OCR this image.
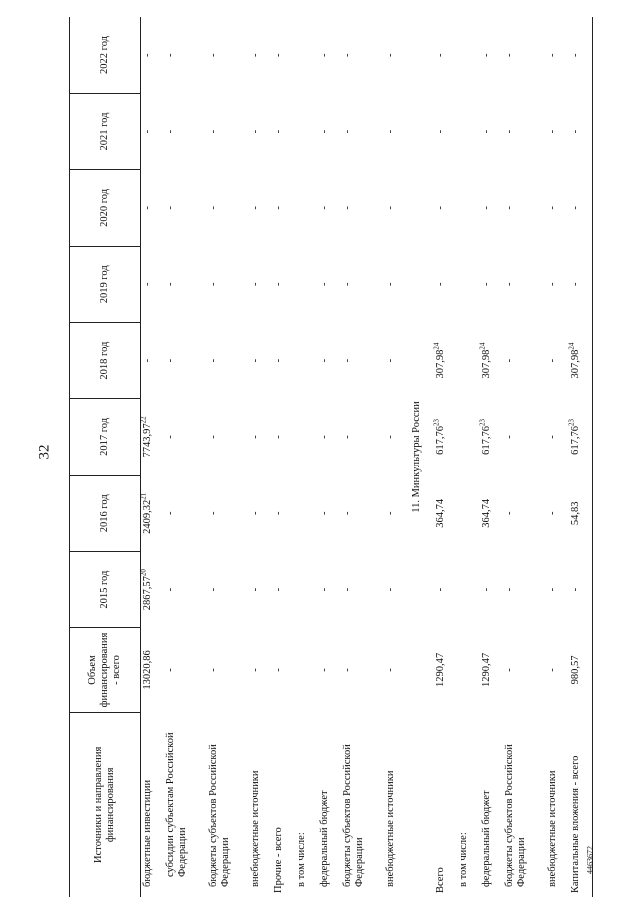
32
Источники и направления финансирования	Объем финансирования - всего	2015 год	2016 год	2017 год	2018 год	2019 год	2020 год	2021 год	2022 год
бюджетные инвестиции	13020,86	2867,57$^{20}$	2409,32$^{21}$	7743,97$^{22}$	-	-	-	-	-
субсидии субъектам Российской Федерации	-	-	-	-	-	-	-	-	-
бюджеты субъектов Российской Федерации	-	-	-	-	-	-	-	-	-
внебюджетные источники	-	-	-	-	-	-	-	-	-
Прочие - всего	-	-	-	-	-	-	-	-	-
в том числе:									
федеральный бюджет	-	-	-	-	-	-	-	-	-
бюджеты субъектов Российской Федерации	-	-	-	-	-	-	-	-	-
внебюджетные источники	-	-	-	-	-	-	-	-	-
11. Минкультуры России									
Всего	1290,47	-	364,74	617,76$^{23}$	307,98$^{24}$	-	-	-	-
в том числе:									
федеральный бюджет	1290,47	-	364,74	617,76$^{23}$	307,98$^{24}$	-	-	-	-
бюджеты субъектов Российской Федерации	-	-	-	-	-	-	-	-	-
внебюджетные источники	-	-	-	-	-	-	-	-	-
Капитальные вложения - всего	980,57	-	54,83	617,76$^{23}$	307,98$^{24}$	-	-	-	-
4463672
